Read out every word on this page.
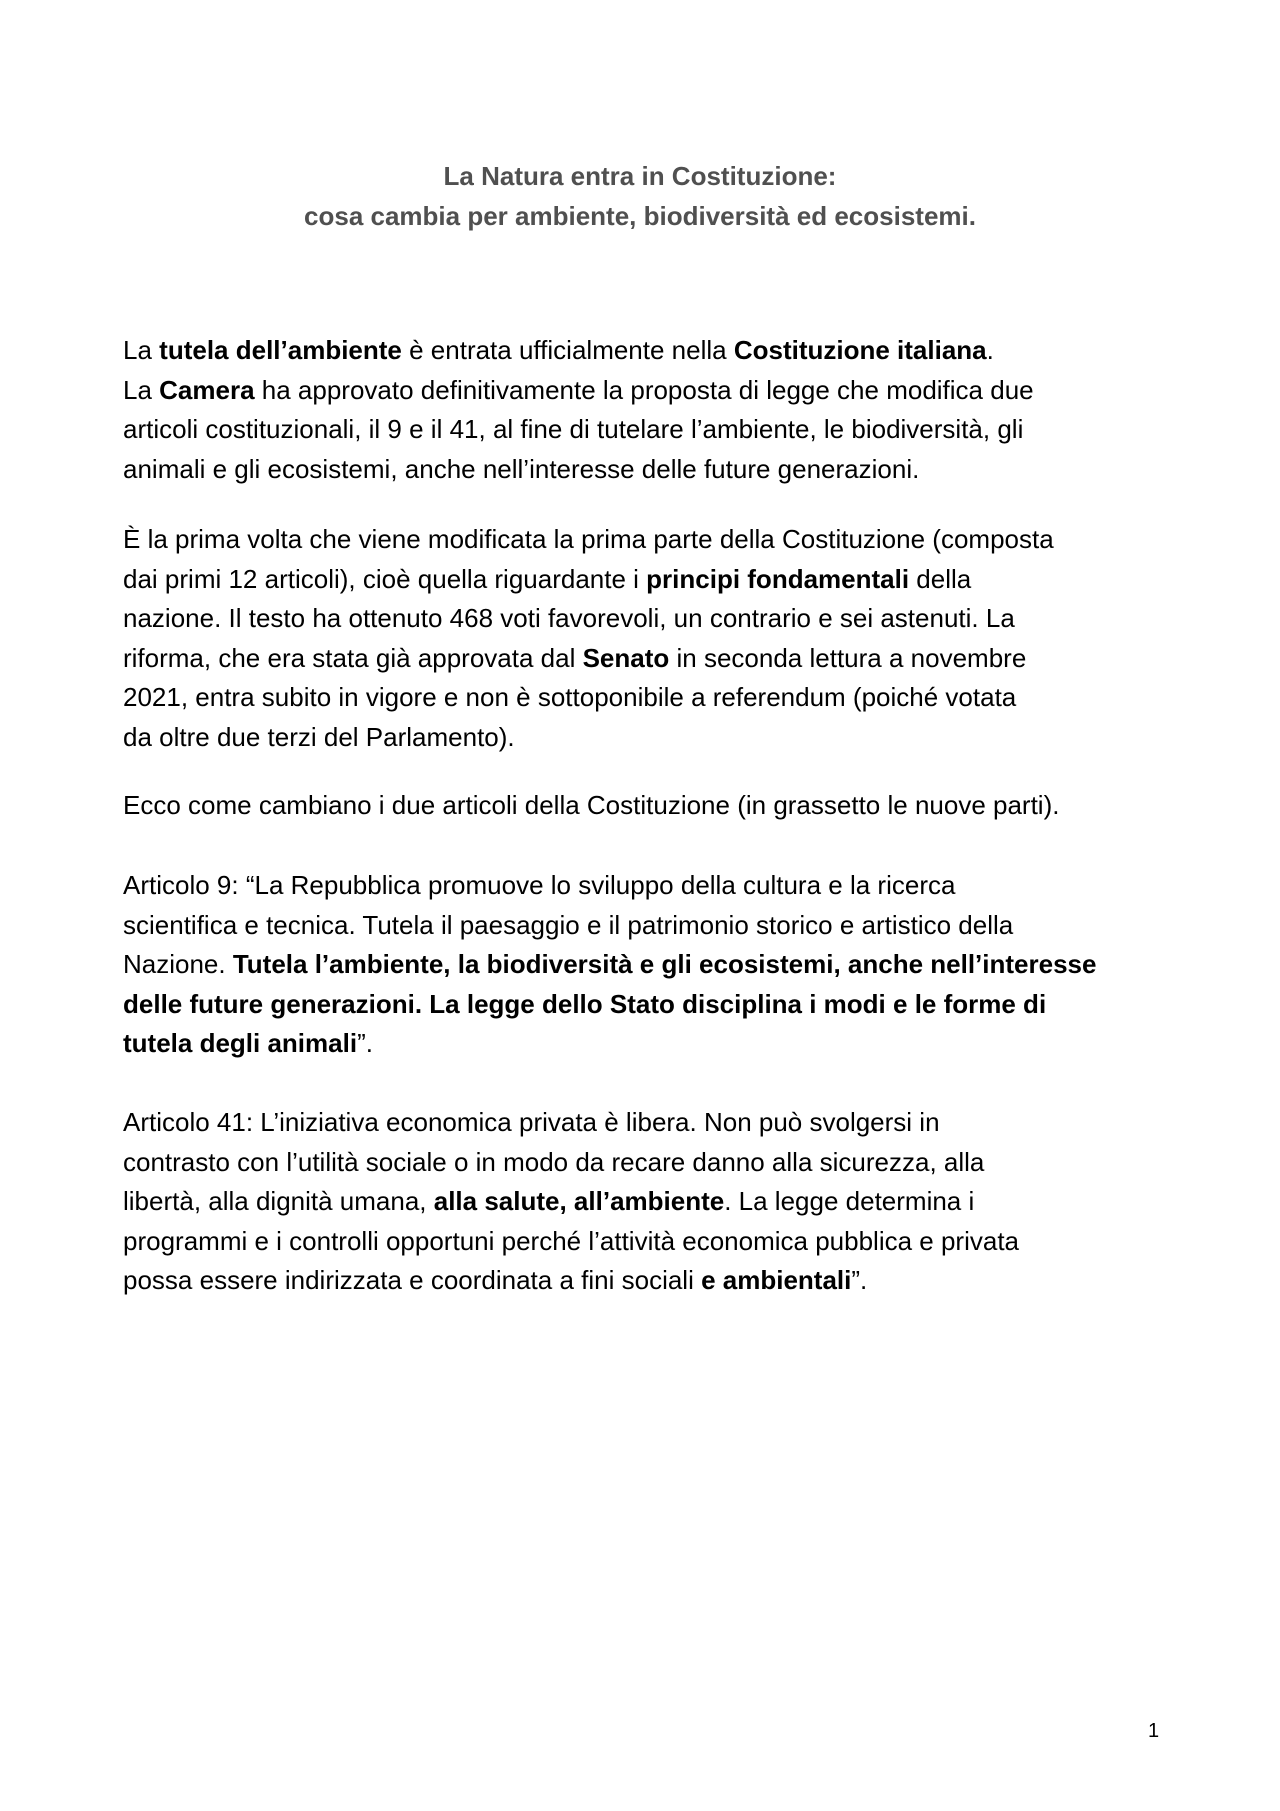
La Natura entra in Costituzione:
cosa cambia per ambiente, biodiversità ed ecosistemi.
La tutela dell’ambiente è entrata ufficialmente nella Costituzione italiana.
La Camera ha approvato definitivamente la proposta di legge che modifica due
articoli costituzionali, il 9 e il 41, al fine di tutelare l’ambiente, le biodiversità, gli
animali e gli ecosistemi, anche nell’interesse delle future generazioni.
È la prima volta che viene modificata la prima parte della Costituzione (composta
dai primi 12 articoli), cioè quella riguardante i principi fondamentali della
nazione. Il testo ha ottenuto 468 voti favorevoli, un contrario e sei astenuti. La
riforma, che era stata già approvata dal Senato in seconda lettura a novembre
2021, entra subito in vigore e non è sottoponibile a referendum (poiché votata
da oltre due terzi del Parlamento).
Ecco come cambiano i due articoli della Costituzione (in grassetto le nuove parti).
Articolo 9: “La Repubblica promuove lo sviluppo della cultura e la ricerca
scientifica e tecnica. Tutela il paesaggio e il patrimonio storico e artistico della
Nazione. Tutela l’ambiente, la biodiversità e gli ecosistemi, anche nell’interesse
delle future generazioni. La legge dello Stato disciplina i modi e le forme di
tutela degli animali”.
Articolo 41: L’iniziativa economica privata è libera. Non può svolgersi in
contrasto con l’utilità sociale o in modo da recare danno alla sicurezza, alla
libertà, alla dignità umana, alla salute, all’ambiente. La legge determina i
programmi e i controlli opportuni perché l’attività economica pubblica e privata
possa essere indirizzata e coordinata a fini sociali e ambientali”.
1
